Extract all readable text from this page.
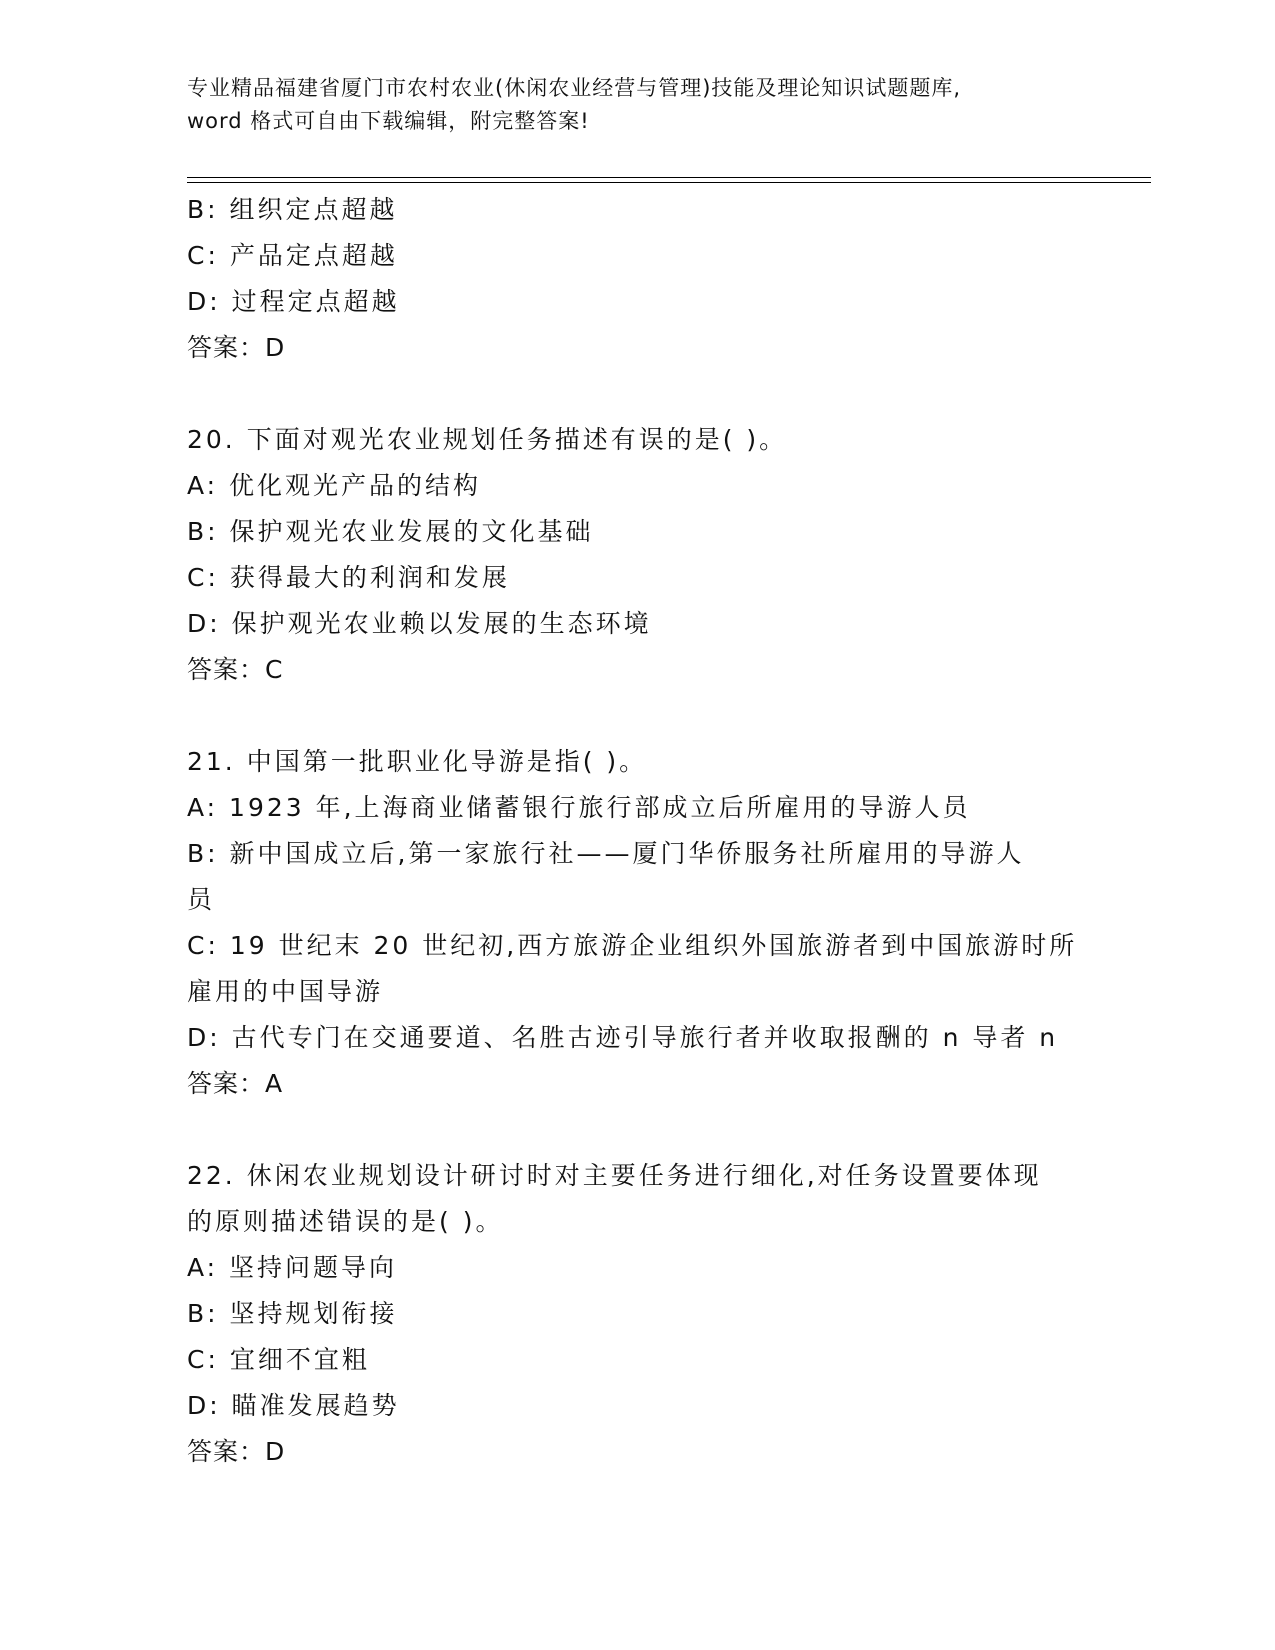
专业精品福建省厦门市农村农业(休闲农业经营与管理)技能及理论知识试题题库,
word 格式可自由下载编辑，附完整答案!
B: 组织定点超越
C: 产品定点超越
D: 过程定点超越
答案：D
20. 下面对观光农业规划任务描述有误的是( )。
A: 优化观光产品的结构
B: 保护观光农业发展的文化基础
C: 获得最大的利润和发展
D: 保护观光农业赖以发展的生态环境
答案：C
21. 中国第一批职业化导游是指( )。
A: 1923 年,上海商业储蓄银行旅行部成立后所雇用的导游人员
B: 新中国成立后,第一家旅行社——厦门华侨服务社所雇用的导游人
员
C: 19 世纪末 20 世纪初,西方旅游企业组织外国旅游者到中国旅游时所
雇用的中国导游
D: 古代专门在交通要道、名胜古迹引导旅行者并收取报酬的 n 导者 n
答案：A
22. 休闲农业规划设计研讨时对主要任务进行细化,对任务设置要体现
的原则描述错误的是( )。
A: 坚持问题导向
B: 坚持规划衔接
C: 宜细不宜粗
D: 瞄准发展趋势
答案：D
